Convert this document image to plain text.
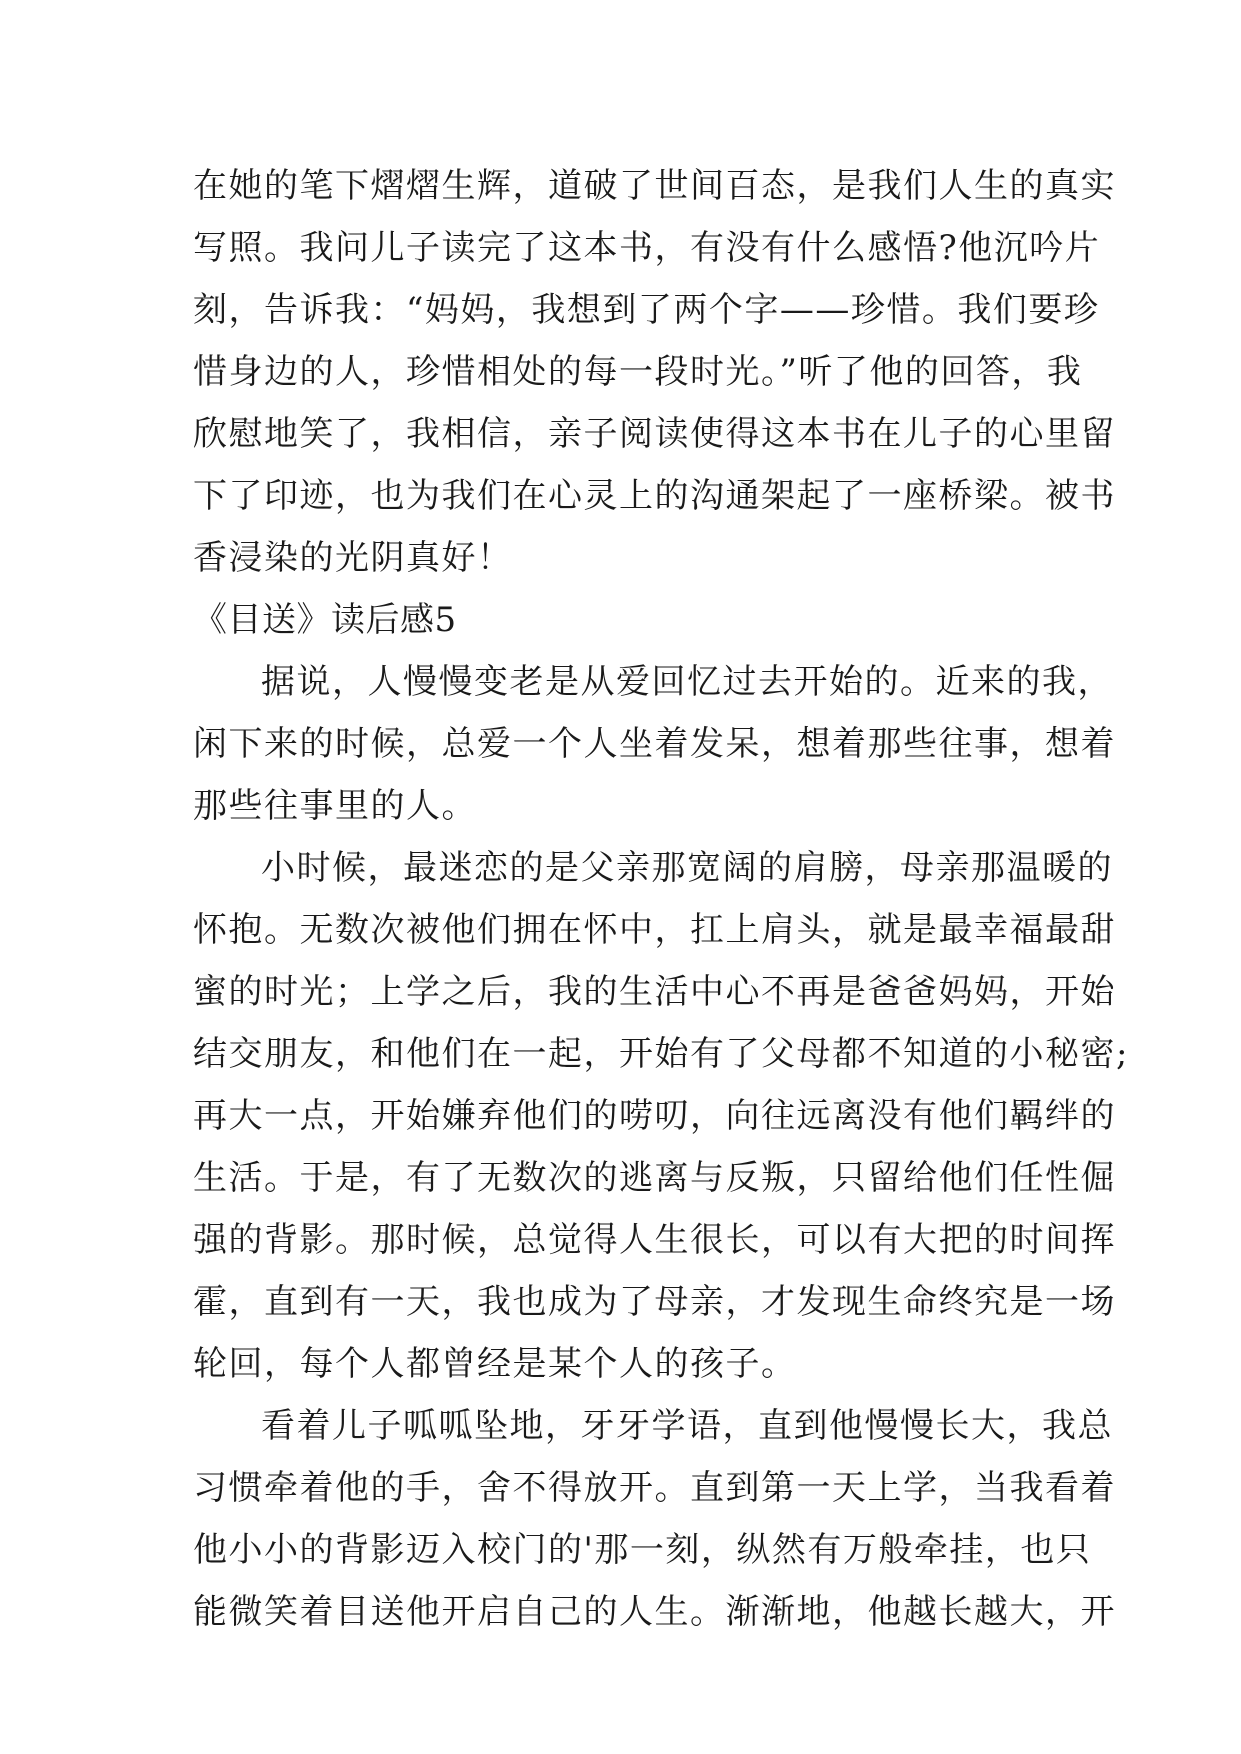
在她的笔下熠熠生辉，道破了世间百态，是我们人生的真实
写照。我问儿子读完了这本书，有没有什么感悟?他沉吟片
刻，告诉我：“妈妈，我想到了两个字——珍惜。我们要珍
惜身边的人，珍惜相处的每一段时光。”听了他的回答，我
欣慰地笑了，我相信，亲子阅读使得这本书在儿子的心里留
下了印迹，也为我们在心灵上的沟通架起了一座桥梁。被书
香浸染的光阴真好！
《目送》读后感5
据说，人慢慢变老是从爱回忆过去开始的。近来的我，
闲下来的时候，总爱一个人坐着发呆，想着那些往事，想着
那些往事里的人。
小时候，最迷恋的是父亲那宽阔的肩膀，母亲那温暖的
怀抱。无数次被他们拥在怀中，扛上肩头，就是最幸福最甜
蜜的时光；上学之后，我的生活中心不再是爸爸妈妈，开始
结交朋友，和他们在一起，开始有了父母都不知道的小秘密;
再大一点，开始嫌弃他们的唠叨，向往远离没有他们羁绊的
生活。于是，有了无数次的逃离与反叛，只留给他们任性倔
强的背影。那时候，总觉得人生很长，可以有大把的时间挥
霍，直到有一天，我也成为了母亲，才发现生命终究是一场
轮回，每个人都曾经是某个人的孩子。
看着儿子呱呱坠地，牙牙学语，直到他慢慢长大，我总
习惯牵着他的手，舍不得放开。直到第一天上学，当我看着
他小小的背影迈入校门的'那一刻，纵然有万般牵挂，也只
能微笑着目送他开启自己的人生。渐渐地，他越长越大，开
